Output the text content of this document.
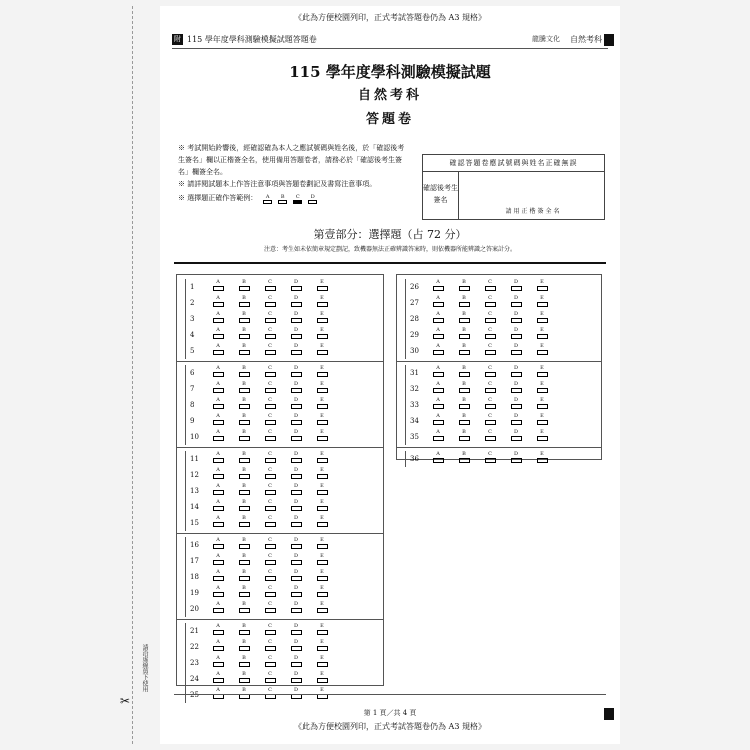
✂
請沿虛線剪下使用
《此為方便校園列印，正式考試答題卷仍為 A3 規格》
附 115 學年度學科測驗模擬試題答題卷	龍騰文化 自然考科
115 學年度學科測驗模擬試題
自然考科
答題卷

※ 考試開始鈴響後，經確認確為本人之應試號碼與姓名後，於「確認後考生簽名」欄以正楷簽全名，使用備用答題卷者，請務必於「確認後考生簽名」欄簽全名。

※ 請詳閱試題本上作答注意事項與答題卷劃記及書寫注意事項。

※ 選擇題正確作答範例：	A	B	C	D
確認答題卷應試號碼與姓名正確無誤
確認後考生簽名
請用正楷簽全名
第壹部分：選擇題（占 72 分）
注意：考生如未依簡章規定劃記，致機器無法正確辨識答案時，則依機器所能辨識之答案計分。
1
A	B	C	D	E
2
A	B	C	D	E
3
A	B	C	D	E
4
A	B	C	D	E
5
A	B	C	D	E
6
A	B	C	D	E
7
A	B	C	D	E
8
A	B	C	D	E
9
A	B	C	D	E
10
A	B	C	D	E
11
A	B	C	D	E
12
A	B	C	D	E
13
A	B	C	D	E
14
A	B	C	D	E
15
A	B	C	D	E
16
A	B	C	D	E
17
A	B	C	D	E
18
A	B	C	D	E
19
A	B	C	D	E
20
A	B	C	D	E
21
A	B	C	D	E
22
A	B	C	D	E
23
A	B	C	D	E
24
A	B	C	D	E
25
A	B	C	D	E
26
A	B	C	D	E
27
A	B	C	D	E
28
A	B	C	D	E
29
A	B	C	D	E
30
A	B	C	D	E
31
A	B	C	D	E
32
A	B	C	D	E
33
A	B	C	D	E
34
A	B	C	D	E
35
A	B	C	D	E
36
A	B	C	D	E
第 1 頁／共 4 頁
《此為方便校園列印，正式考試答題卷仍為 A3 規格》
